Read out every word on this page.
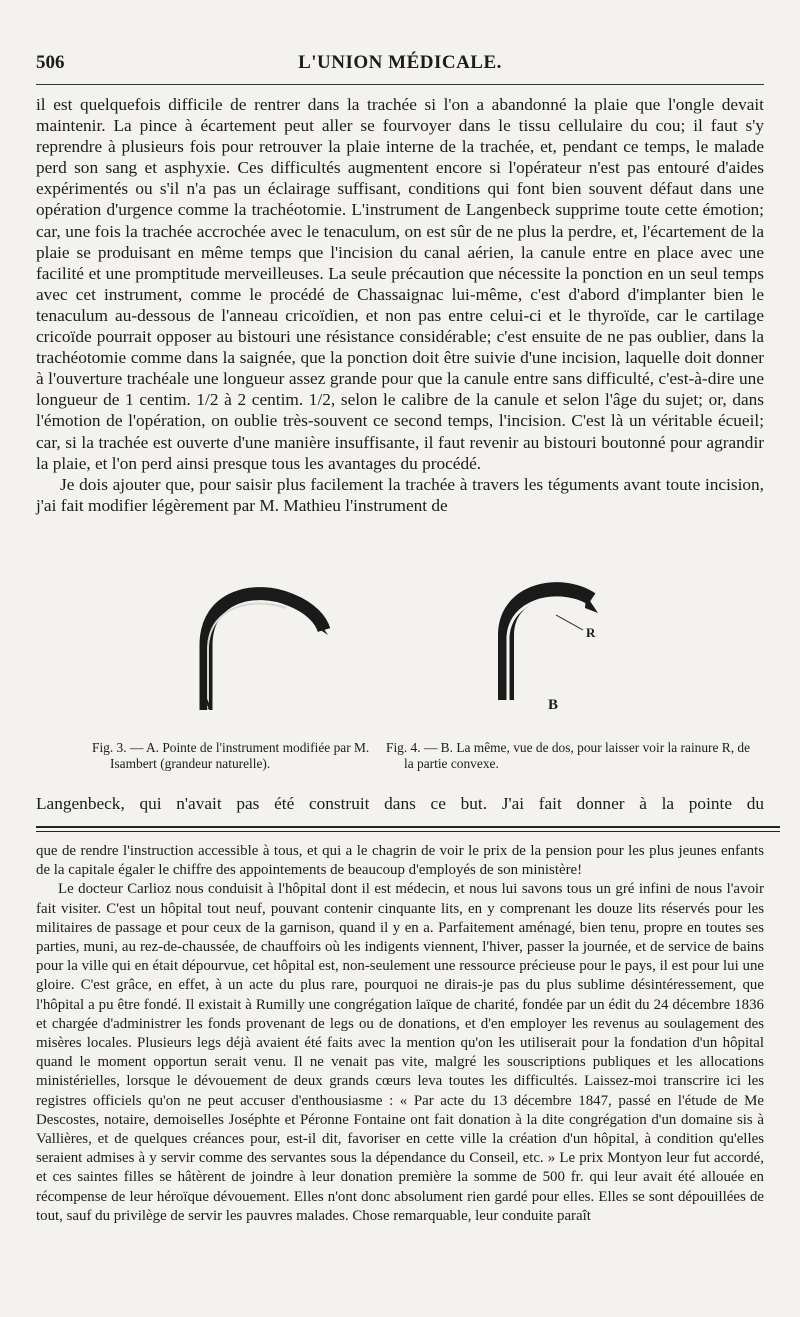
506	L'UNION MÉDICALE.

il est quelquefois difficile de rentrer dans la trachée si l'on a abandonné la plaie que l'ongle devait maintenir. La pince à écartement peut aller se fourvoyer dans le tissu cellulaire du cou; il faut s'y reprendre à plusieurs fois pour retrouver la plaie interne de la trachée, et, pendant ce temps, le malade perd son sang et asphyxie. Ces difficultés augmentent encore si l'opérateur n'est pas entouré d'aides expérimentés ou s'il n'a pas un éclairage suffisant, conditions qui font bien souvent défaut dans une opération d'urgence comme la trachéotomie. L'instrument de Langenbeck supprime toute cette émotion; car, une fois la trachée accrochée avec le tenaculum, on est sûr de ne plus la perdre, et, l'écartement de la plaie se produisant en même temps que l'incision du canal aérien, la canule entre en place avec une facilité et une promptitude merveilleuses. La seule précaution que nécessite la ponction en un seul temps avec cet instrument, comme le procédé de Chassaignac lui-même, c'est d'abord d'implanter bien le tenaculum au-dessous de l'anneau cricoïdien, et non pas entre celui-ci et le thyroïde, car le cartilage cricoïde pourrait opposer au bistouri une résistance considérable; c'est ensuite de ne pas oublier, dans la trachéotomie comme dans la saignée, que la ponction doit être suivie d'une incision, laquelle doit donner à l'ouverture trachéale une longueur assez grande pour que la canule entre sans difficulté, c'est-à-dire une longueur de 1 centim. 1/2 à 2 centim. 1/2, selon le calibre de la canule et selon l'âge du sujet; or, dans l'émotion de l'opération, on oublie très-souvent ce second temps, l'incision. C'est là un véritable écueil; car, si la trachée est ouverte d'une manière insuffisante, il faut revenir au bistouri boutonné pour agrandir la plaie, et l'on perd ainsi presque tous les avantages du procédé.

Je dois ajouter que, pour saisir plus facilement la trachée à travers les téguments avant toute incision, j'ai fait modifier légèrement par M. Mathieu l'instrument de

A
Fig. 3. — A. Pointe de l'instrument modifiée par M. Isambert (grandeur naturelle).
B
R
Fig. 4. — B. La même, vue de dos, pour laisser voir la rainure R, de la partie convexe.
Langenbeck, qui n'avait pas été construit dans ce but. J'ai fait donner à la pointe du

que de rendre l'instruction accessible à tous, et qui a le chagrin de voir le prix de la pension pour les plus jeunes enfants de la capitale égaler le chiffre des appointements de beaucoup d'employés de son ministère!

Le docteur Carlioz nous conduisit à l'hôpital dont il est médecin, et nous lui savons tous un gré infini de nous l'avoir fait visiter. C'est un hôpital tout neuf, pouvant contenir cinquante lits, en y comprenant les douze lits réservés pour les militaires de passage et pour ceux de la garnison, quand il y en a. Parfaitement aménagé, bien tenu, propre en toutes ses parties, muni, au rez-de-chaussée, de chauffoirs où les indigents viennent, l'hiver, passer la journée, et de service de bains pour la ville qui en était dépourvue, cet hôpital est, non-seulement une ressource précieuse pour le pays, il est pour lui une gloire. C'est grâce, en effet, à un acte du plus rare, pourquoi ne dirais-je pas du plus sublime désintéressement, que l'hôpital a pu être fondé. Il existait à Rumilly une congrégation laïque de charité, fondée par un édit du 24 décembre 1836 et chargée d'administrer les fonds provenant de legs ou de donations, et d'en employer les revenus au soulagement des misères locales. Plusieurs legs déjà avaient été faits avec la mention qu'on les utiliserait pour la fondation d'un hôpital quand le moment opportun serait venu. Il ne venait pas vite, malgré les souscriptions publiques et les allocations ministérielles, lorsque le dévouement de deux grands cœurs leva toutes les difficultés. Laissez-moi transcrire ici les registres officiels qu'on ne peut accuser d'enthousiasme : « Par acte du 13 décembre 1847, passé en l'étude de Me Descostes, notaire, demoiselles Joséphte et Péronne Fontaine ont fait donation à la dite congrégation d'un domaine sis à Vallières, et de quelques créances pour, est-il dit, favoriser en cette ville la création d'un hôpital, à condition qu'elles seraient admises à y servir comme des servantes sous la dépendance du Conseil, etc. » Le prix Montyon leur fut accordé, et ces saintes filles se hâtèrent de joindre à leur donation première la somme de 500 fr. qui leur avait été allouée en récompense de leur héroïque dévouement. Elles n'ont donc absolument rien gardé pour elles. Elles se sont dépouillées de tout, sauf du privilège de servir les pauvres malades. Chose remarquable, leur conduite paraît
